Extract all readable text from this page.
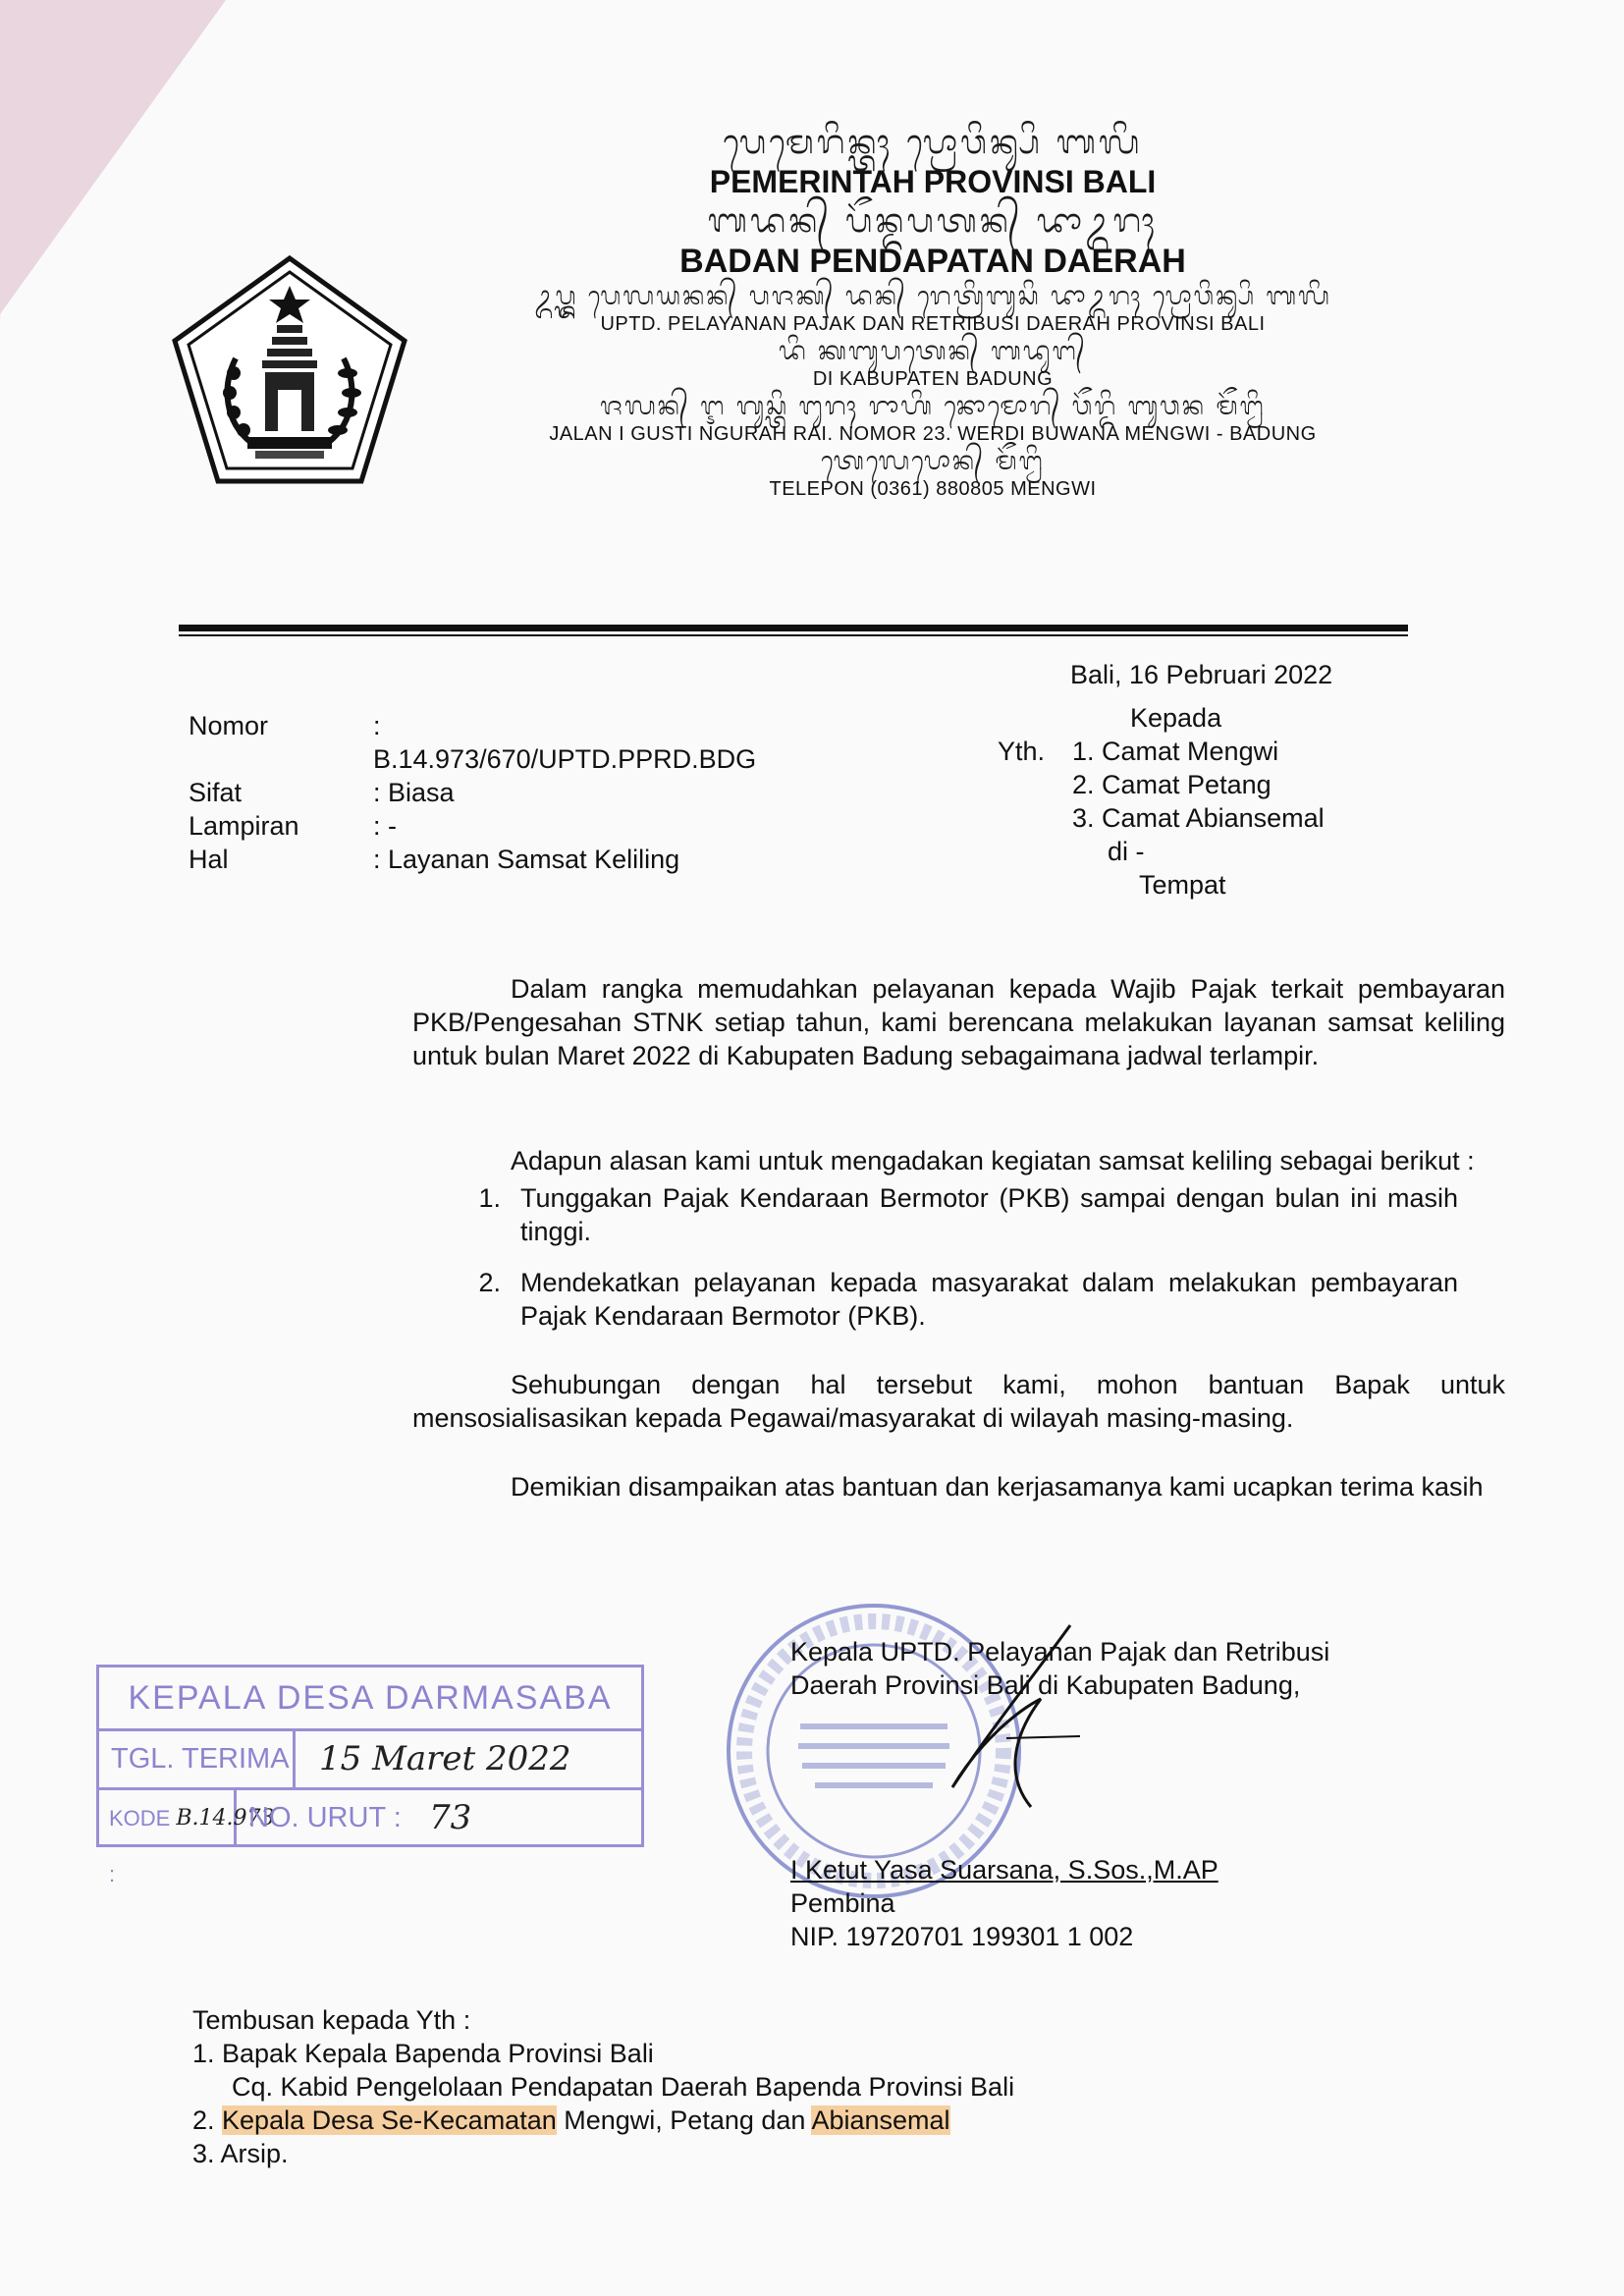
ᬧᬾᬫᬾᬭᬶᬦ᭄ᬢᬄ ᬧ᭄ᬭᭀᬯᬶᬦ᭄ᬲᬶ ᬩᬮᬶ
PEMERINTAH PROVINSI BALI
ᬩᬤᬦ᭄ ᬧᭂᬦ᭄ᬤᬧᬢᬦ᭄ ᬤᬵᬉᬭᬄ
BADAN PENDAPATAN DAERAH
ᬉᬧ᭄ᬢ᭄ᬤ ᬧᬾᬮᬬᬦᬦ᭄ ᬧᬚᬓ᭄ ᬤᬦ᭄ ᬭᬾᬢ᭄ᬭᬶᬩᬸᬲᬶ ᬤᬵᬉᬭᬄ ᬧ᭄ᬭᭀᬯᬶᬦ᭄ᬲᬶ ᬩᬮᬶ
UPTD. PELAYANAN PAJAK DAN RETRIBUSI DAERAH PROVINSI BALI
ᬤᬶ ᬓᬩᬸᬧᬢᬾᬦ᭄ ᬩᬤᬸᬗ᭄
DI KABUPATEN BADUNG
ᬚᬮᬦ᭄ ᬇ ᬕᬸᬲ᭄ᬢᬶ ᬗᬸᬭᬄ ᬭᬵᬳᬶ ᬦᭀᬫᭀᬭ᭄ ᬯᭂᬭ᭄ᬤᬶ ᬩᬸᬯᬦ ᬫᭂᬗ᭄ᬯᬶ
JALAN I GUSTI NGURAH RAI. NOMOR 23. WERDI BUWANA MENGWI - BADUNG
ᬢᬾᬮᬾᬧᭀᬦ᭄ ᬫᭂᬗ᭄ᬯᬶ
TELEPON (0361) 880805 MENGWI
Bali, 16 Pebruari 2022
Nomor	: B.14.973/670/UPTD.PPRD.BDG
Sifat	: Biasa
Lampiran	: -
Hal	: Layanan Samsat Keliling
Kepada
Yth.	1. Camat Mengwi
2. Camat Petang
3. Camat Abiansemal
di -
Tempat
Dalam rangka memudahkan pelayanan kepada Wajib Pajak terkait pembayaran PKB/Pengesahan STNK setiap tahun, kami berencana melakukan layanan samsat keliling untuk bulan Maret 2022 di Kabupaten Badung sebagaimana jadwal terlampir.
Adapun alasan kami untuk mengadakan kegiatan samsat keliling sebagai berikut :
1. Tunggakan Pajak Kendaraan Bermotor (PKB) sampai dengan bulan ini masih tinggi.
2. Mendekatkan pelayanan kepada masyarakat dalam melakukan pembayaran Pajak Kendaraan Bermotor (PKB).
Sehubungan dengan hal tersebut kami, mohon bantuan Bapak untuk mensosialisasikan kepada Pegawai/masyarakat di wilayah masing-masing.
Demikian disampaikan atas bantuan dan kerjasamanya kami ucapkan terima kasih
KEPALA DESA DARMASABA
TGL. TERIMA 15 Maret 2022
KODE :
B.14.973
NO. URUT : 73
Kepala UPTD. Pelayanan Pajak dan Retribusi
Daerah Provinsi Bali di Kabupaten Badung,
I Ketut Yasa Suarsana, S.Sos.,M.AP
Pembina
NIP. 19720701 199301 1 002
Tembusan kepada Yth :
1. Bapak Kepala Bapenda Provinsi Bali
Cq. Kabid Pengelolaan Pendapatan Daerah Bapenda Provinsi Bali
2. Kepala Desa Se-Kecamatan Mengwi, Petang dan Abiansemal
3. Arsip.
